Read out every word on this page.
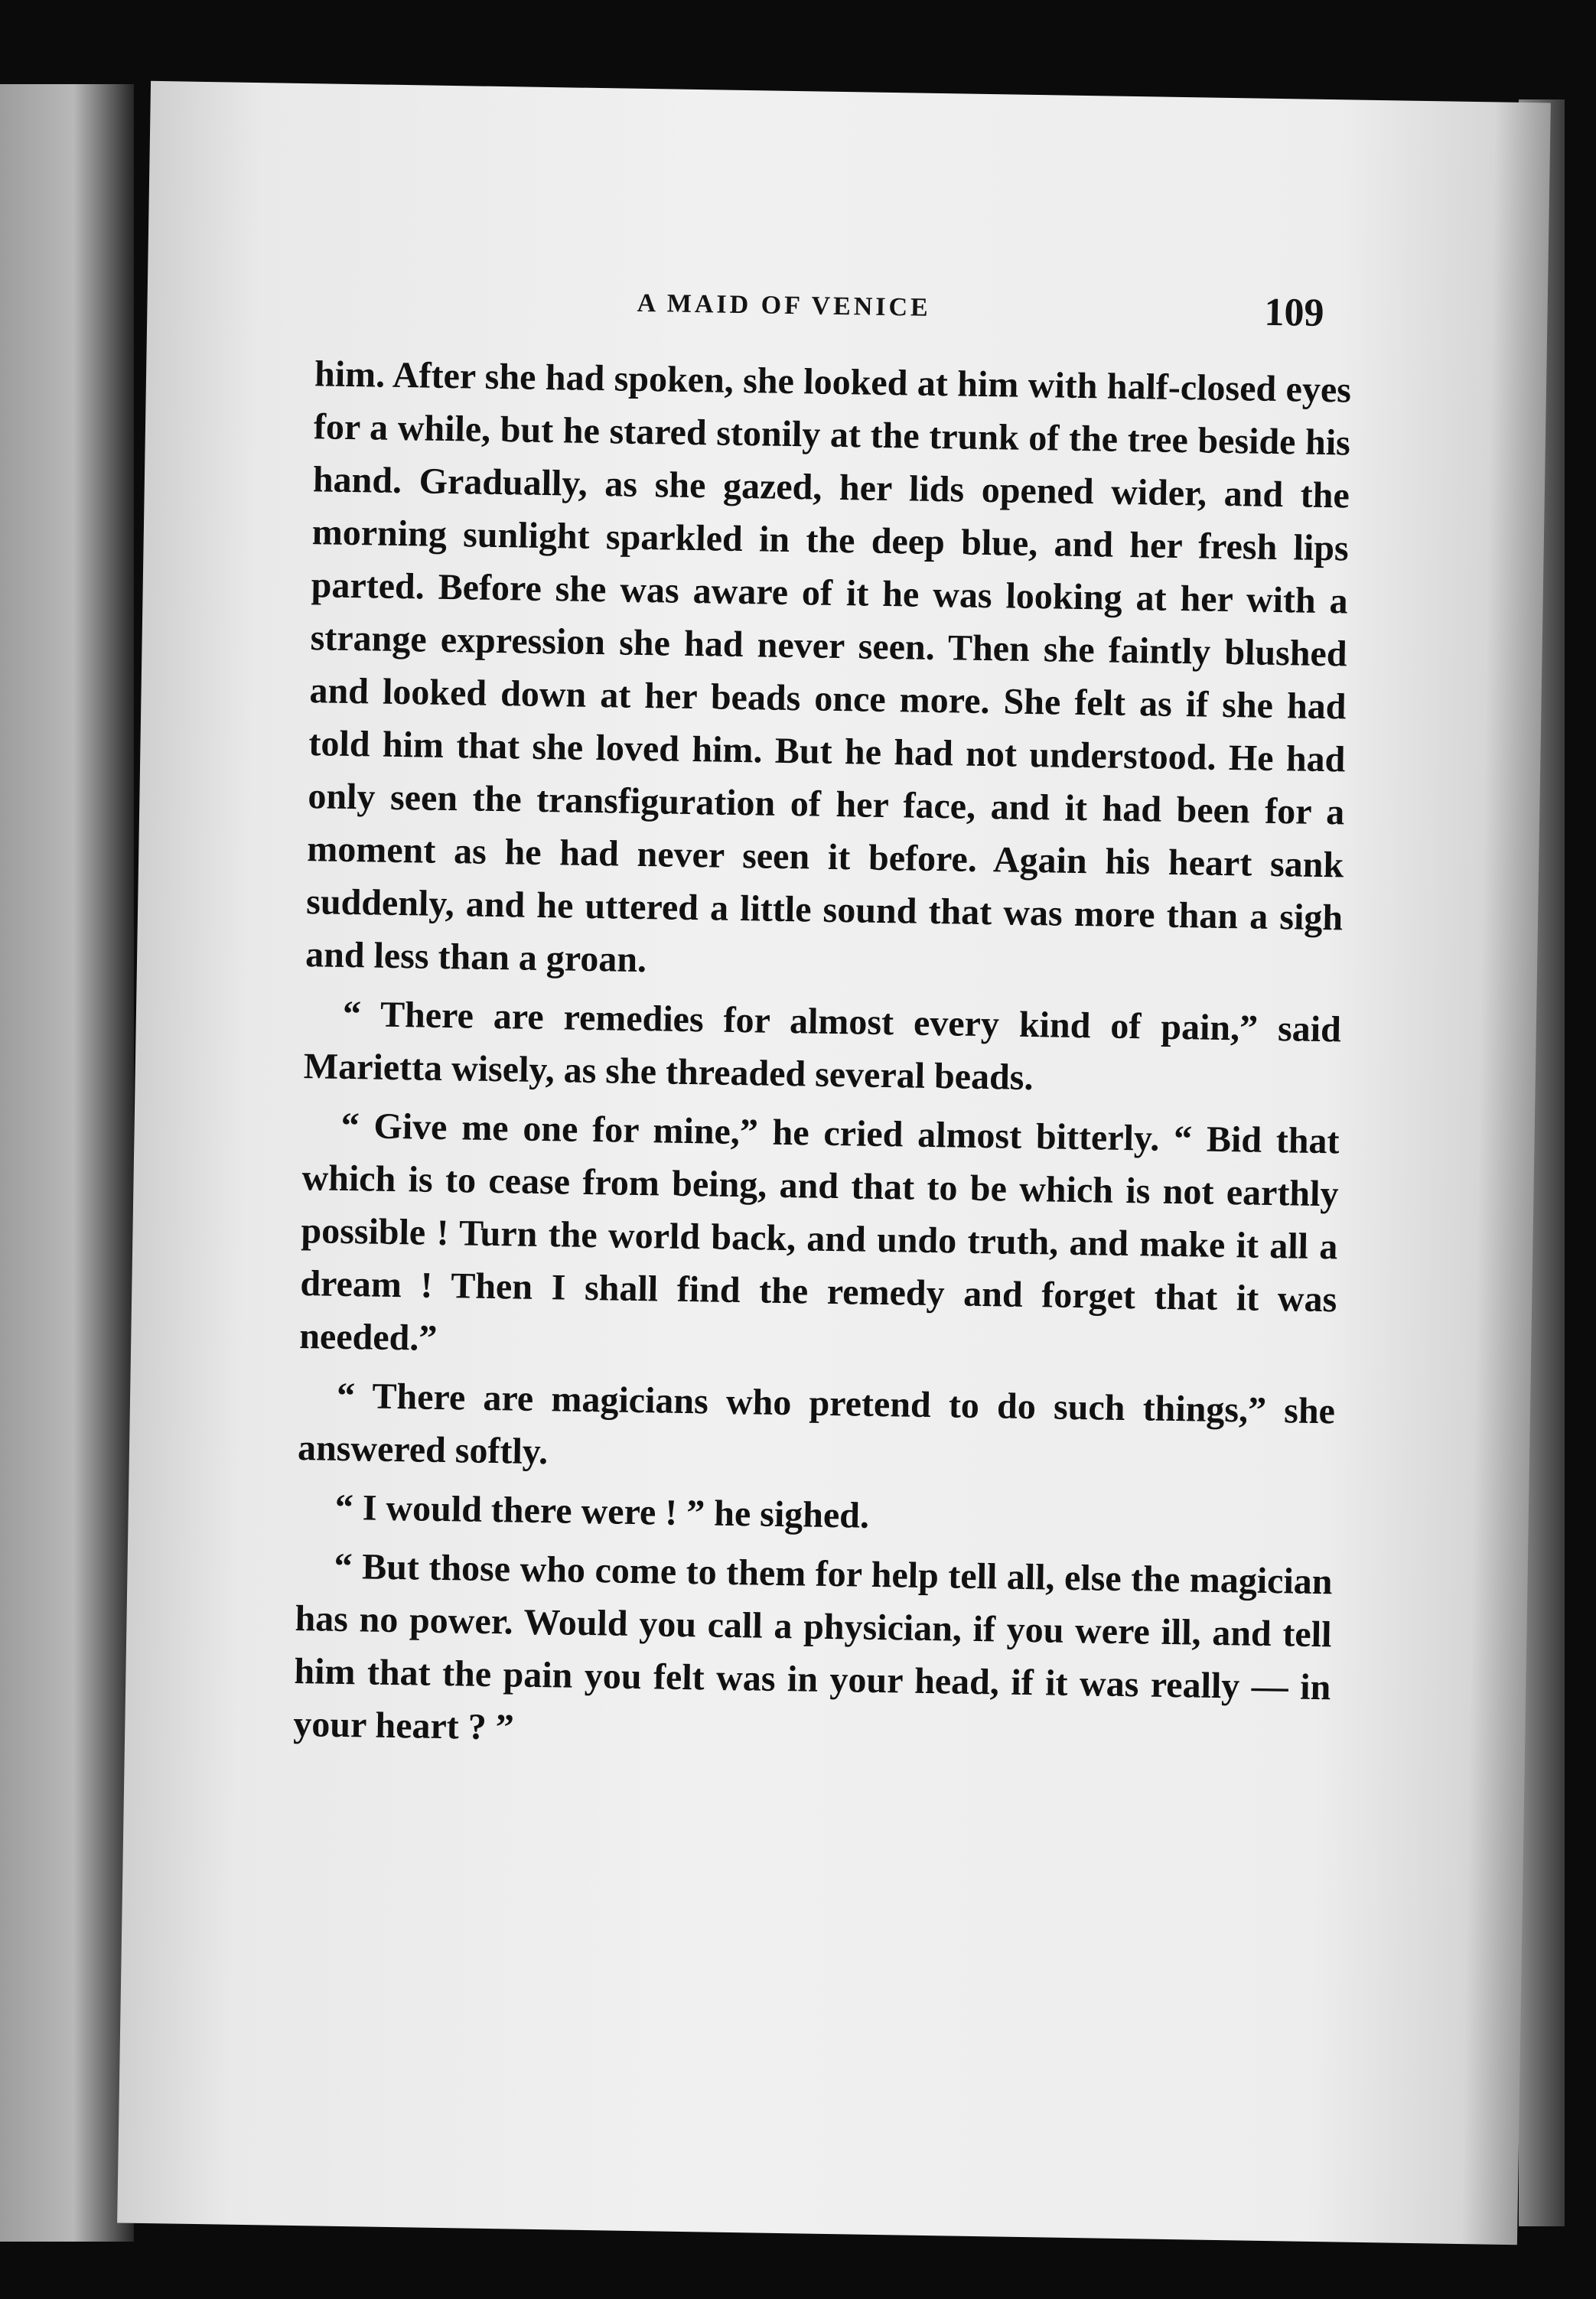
A MAID OF VENICE	109

him. After she had spoken, she looked at him with half-closed eyes for a while, but he stared stonily at the trunk of the tree beside his hand. Gradually, as she gazed, her lids opened wider, and the morning sunlight sparkled in the deep blue, and her fresh lips parted. Before she was aware of it he was looking at her with a strange expression she had never seen. Then she faintly blushed and looked down at her beads once more. She felt as if she had told him that she loved him. But he had not understood. He had only seen the transfiguration of her face, and it had been for a moment as he had never seen it before. Again his heart sank suddenly, and he uttered a little sound that was more than a sigh and less than a groan.

“ There are remedies for almost every kind of pain,” said Marietta wisely, as she threaded several beads.

“ Give me one for mine,” he cried almost bitterly. “ Bid that which is to cease from being, and that to be which is not earthly possible ! Turn the world back, and undo truth, and make it all a dream ! Then I shall find the remedy and forget that it was needed.”

“ There are magicians who pretend to do such things,” she answered softly.

“ I would there were ! ” he sighed.

“ But those who come to them for help tell all, else the magician has no power. Would you call a physician, if you were ill, and tell him that the pain you felt was in your head, if it was really — in your heart ? ”
